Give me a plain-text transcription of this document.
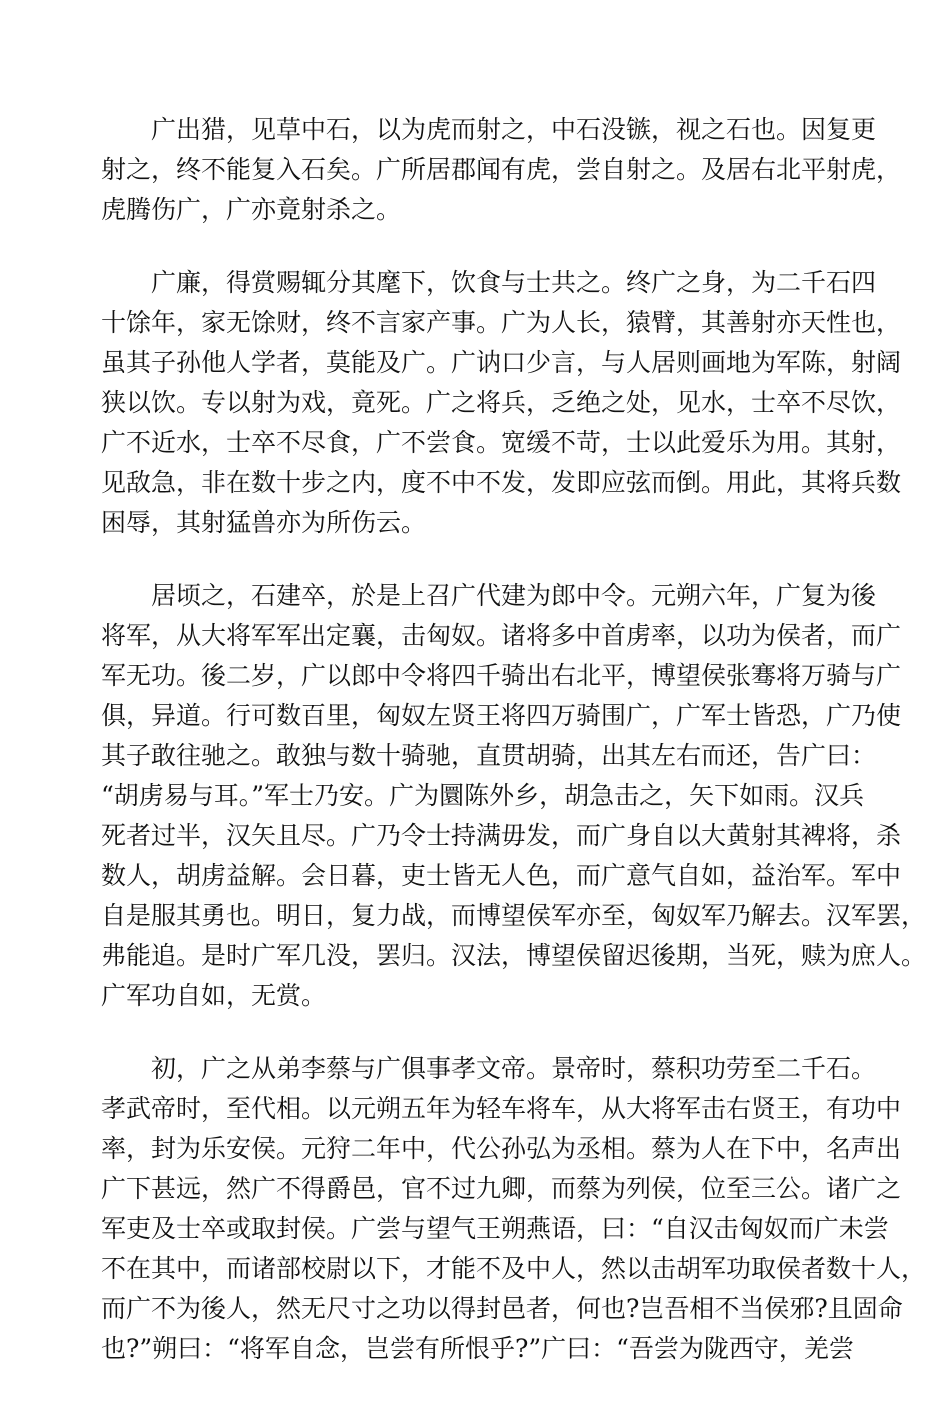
广出猎，见草中石，以为虎而射之，中石没镞，视之石也。因复更
射之，终不能复入石矣。广所居郡闻有虎，尝自射之。及居右北平射虎，
虎腾伤广，广亦竟射杀之。

广廉，得赏赐辄分其麾下，饮食与士共之。终广之身，为二千石四
十馀年，家无馀财，终不言家产事。广为人长，猿臂，其善射亦天性也，
虽其子孙他人学者，莫能及广。广讷口少言，与人居则画地为军陈，射阔
狭以饮。专以射为戏，竟死。广之将兵，乏绝之处，见水，士卒不尽饮，
广不近水，士卒不尽食，广不尝食。宽缓不苛，士以此爱乐为用。其射，
见敌急，非在数十步之内，度不中不发，发即应弦而倒。用此，其将兵数
困辱，其射猛兽亦为所伤云。

居顷之，石建卒，於是上召广代建为郎中令。元朔六年，广复为後
将军，从大将军军出定襄，击匈奴。诸将多中首虏率，以功为侯者，而广
军无功。後二岁，广以郎中令将四千骑出右北平，博望侯张骞将万骑与广
俱，异道。行可数百里，匈奴左贤王将四万骑围广，广军士皆恐，广乃使
其子敢往驰之。敢独与数十骑驰，直贯胡骑，出其左右而还，告广曰：
“胡虏易与耳。”军士乃安。广为圜陈外乡，胡急击之，矢下如雨。汉兵
死者过半，汉矢且尽。广乃令士持满毋发，而广身自以大黄射其裨将，杀
数人，胡虏益解。会日暮，吏士皆无人色，而广意气自如，益治军。军中
自是服其勇也。明日，复力战，而博望侯军亦至，匈奴军乃解去。汉军罢，
弗能追。是时广军几没，罢归。汉法，博望侯留迟後期，当死，赎为庶人。
广军功自如，无赏。

初，广之从弟李蔡与广俱事孝文帝。景帝时，蔡积功劳至二千石。
孝武帝时，至代相。以元朔五年为轻车将车，从大将军击右贤王，有功中
率，封为乐安侯。元狩二年中，代公孙弘为丞相。蔡为人在下中，名声出
广下甚远，然广不得爵邑，官不过九卿，而蔡为列侯，位至三公。诸广之
军吏及士卒或取封侯。广尝与望气王朔燕语，曰：“自汉击匈奴而广未尝
不在其中，而诸部校尉以下，才能不及中人，然以击胡军功取侯者数十人，
而广不为後人，然无尺寸之功以得封邑者，何也?岂吾相不当侯邪?且固命
也?”朔曰：“将军自念，岂尝有所恨乎?”广曰：“吾尝为陇西守，羌尝
